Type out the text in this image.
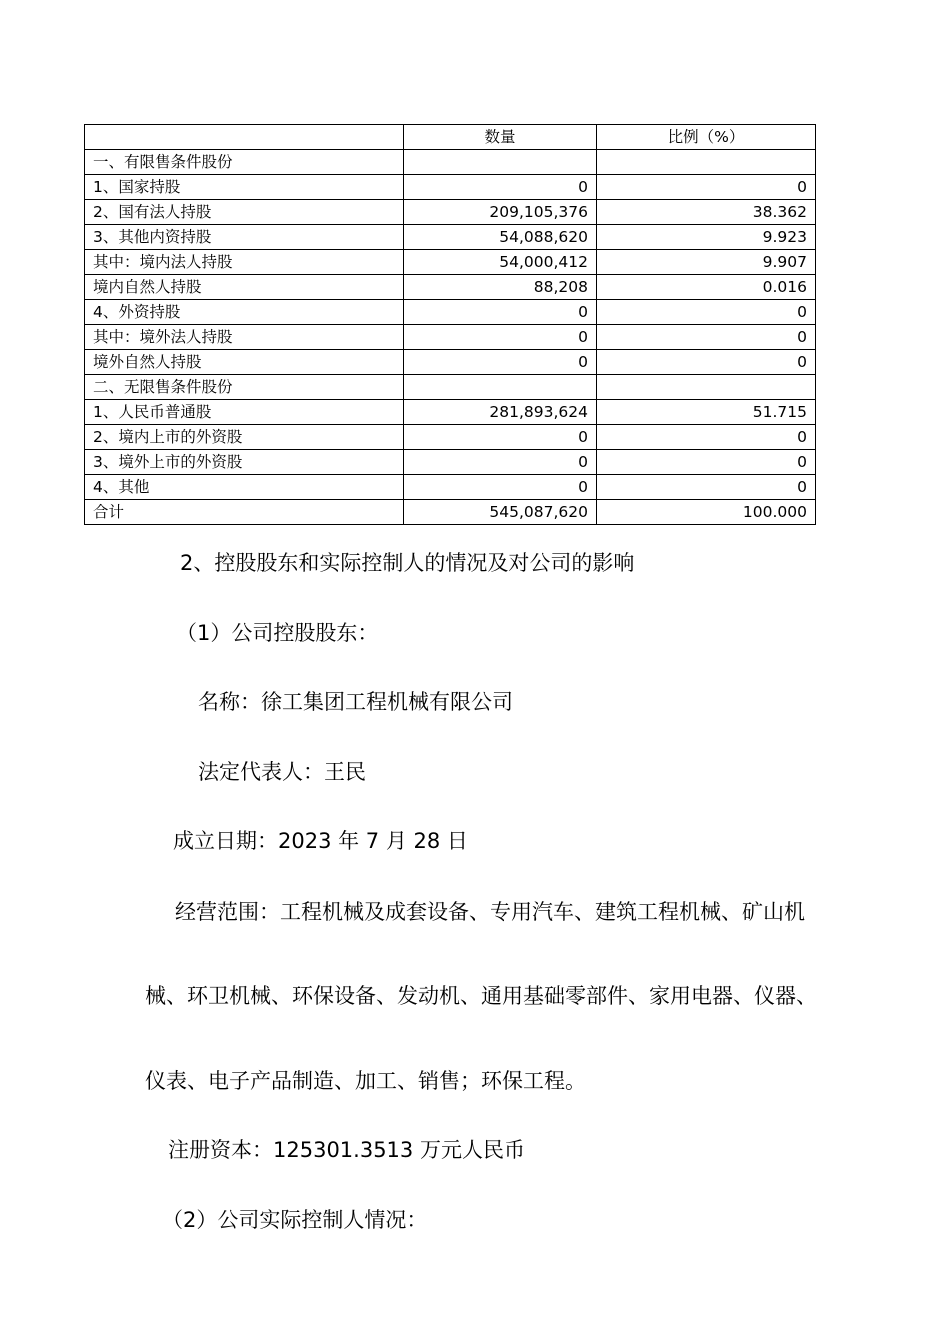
	数量	比例（%）
一、有限售条件股份		
1、国家持股	0	0
2、国有法人持股	209,105,376	38.362
3、其他内资持股	54,088,620	9.923
其中：境内法人持股	54,000,412	9.907
境内自然人持股	88,208	0.016
4、外资持股	0	0
其中：境外法人持股	0	0
境外自然人持股	0	0
二、无限售条件股份		
1、人民币普通股	281,893,624	51.715
2、境内上市的外资股	0	0
3、境外上市的外资股	0	0
4、其他	0	0
合计	545,087,620	100.000
2、控股股东和实际控制人的情况及对公司的影响
（1）公司控股股东：
名称：徐工集团工程机械有限公司
法定代表人：王民
成立日期：2023 年 7 月 28 日
经营范围：工程机械及成套设备、专用汽车、建筑工程机械、矿山机
械、环卫机械、环保设备、发动机、通用基础零部件、家用电器、仪器、
仪表、电子产品制造、加工、销售；环保工程。
注册资本：125301.3513 万元人民币
（2）公司实际控制人情况：
